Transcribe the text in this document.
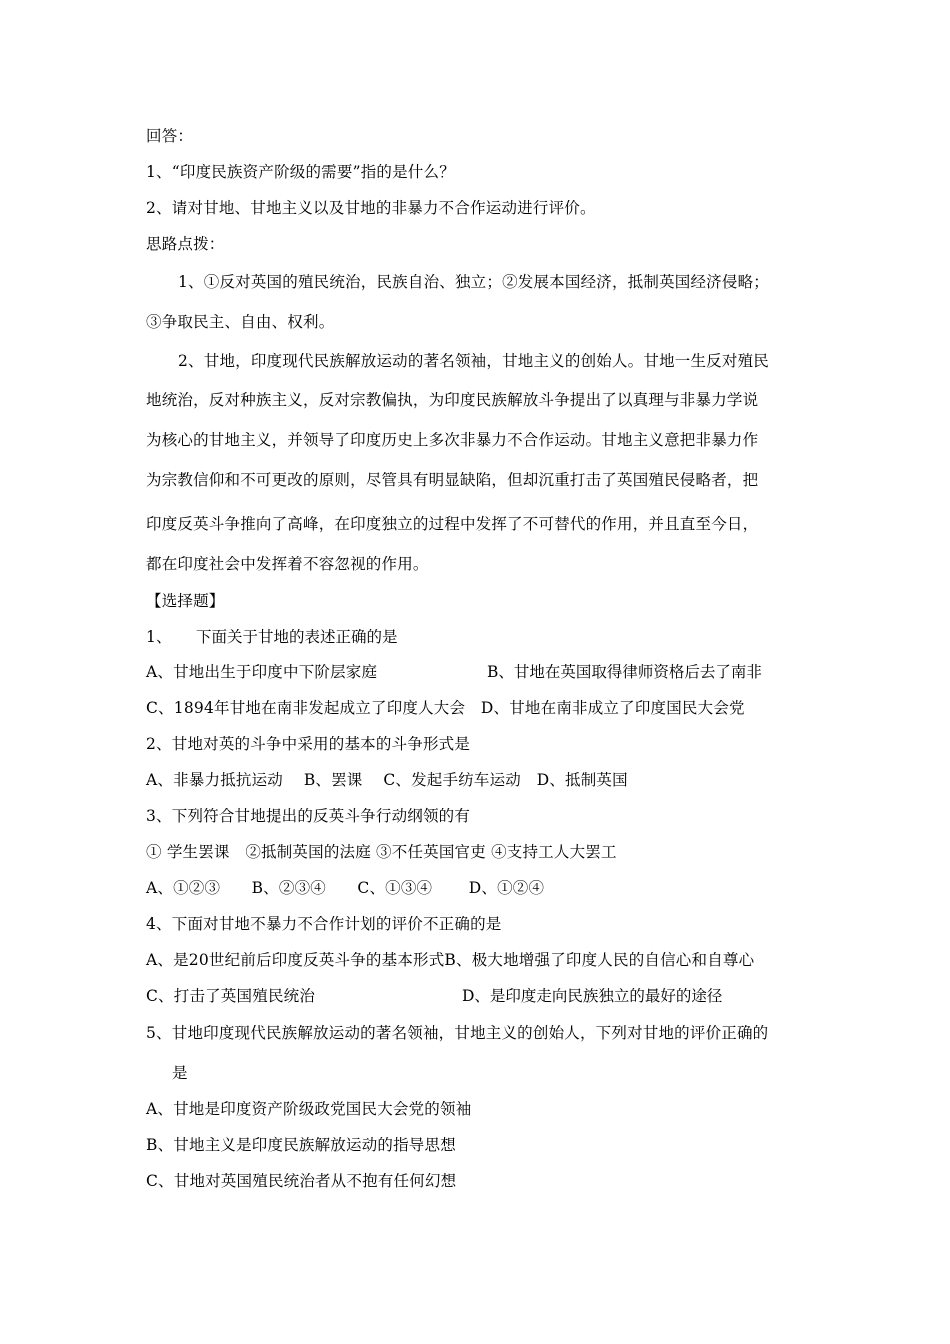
回答：
1、“印度民族资产阶级的需要”指的是什么？
2、请对甘地、甘地主义以及甘地的非暴力不合作运动进行评价。
思路点拨：
1、①反对英国的殖民统治，民族自治、独立；②发展本国经济，抵制英国经济侵略；
③争取民主、自由、权利。
2、甘地，印度现代民族解放运动的著名领袖，甘地主义的创始人。甘地一生反对殖民
地统治，反对种族主义，反对宗教偏执，为印度民族解放斗争提出了以真理与非暴力学说
为核心的甘地主义，并领导了印度历史上多次非暴力不合作运动。甘地主义意把非暴力作
为宗教信仰和不可更改的原则，尽管具有明显缺陷，但却沉重打击了英国殖民侵略者，把
印度反英斗争推向了高峰，在印度独立的过程中发挥了不可替代的作用，并且直至今日，
都在印度社会中发挥着不容忽视的作用。
【选择题】
1、 下面关于甘地的表述正确的是
A、甘地出生于印度中下阶层家庭	B、甘地在英国取得律师资格后去了南非
C、1894年甘地在南非发起成立了印度人大会　D、甘地在南非成立了印度国民大会党
2、甘地对英的斗争中采用的基本的斗争形式是
A、非暴力抵抗运动　 B、罢课　 C、发起手纺车运动　D、抵制英国
3、下列符合甘地提出的反英斗争行动纲领的有
① 学生罢课　②抵制英国的法庭 ③不任英国官吏 ④支持工人大罢工
A、①②③　　B、②③④　　C、①③④　　 D、①②④
4、下面对甘地不暴力不合作计划的评价不正确的是
A、是20世纪前后印度反英斗争的基本形式B、极大地增强了印度人民的自信心和自尊心
C、打击了英国殖民统治	D、是印度走向民族独立的最好的途径
5、甘地印度现代民族解放运动的著名领袖，甘地主义的创始人，下列对甘地的评价正确的
是
A、甘地是印度资产阶级政党国民大会党的领袖
B、甘地主义是印度民族解放运动的指导思想
C、甘地对英国殖民统治者从不抱有任何幻想
